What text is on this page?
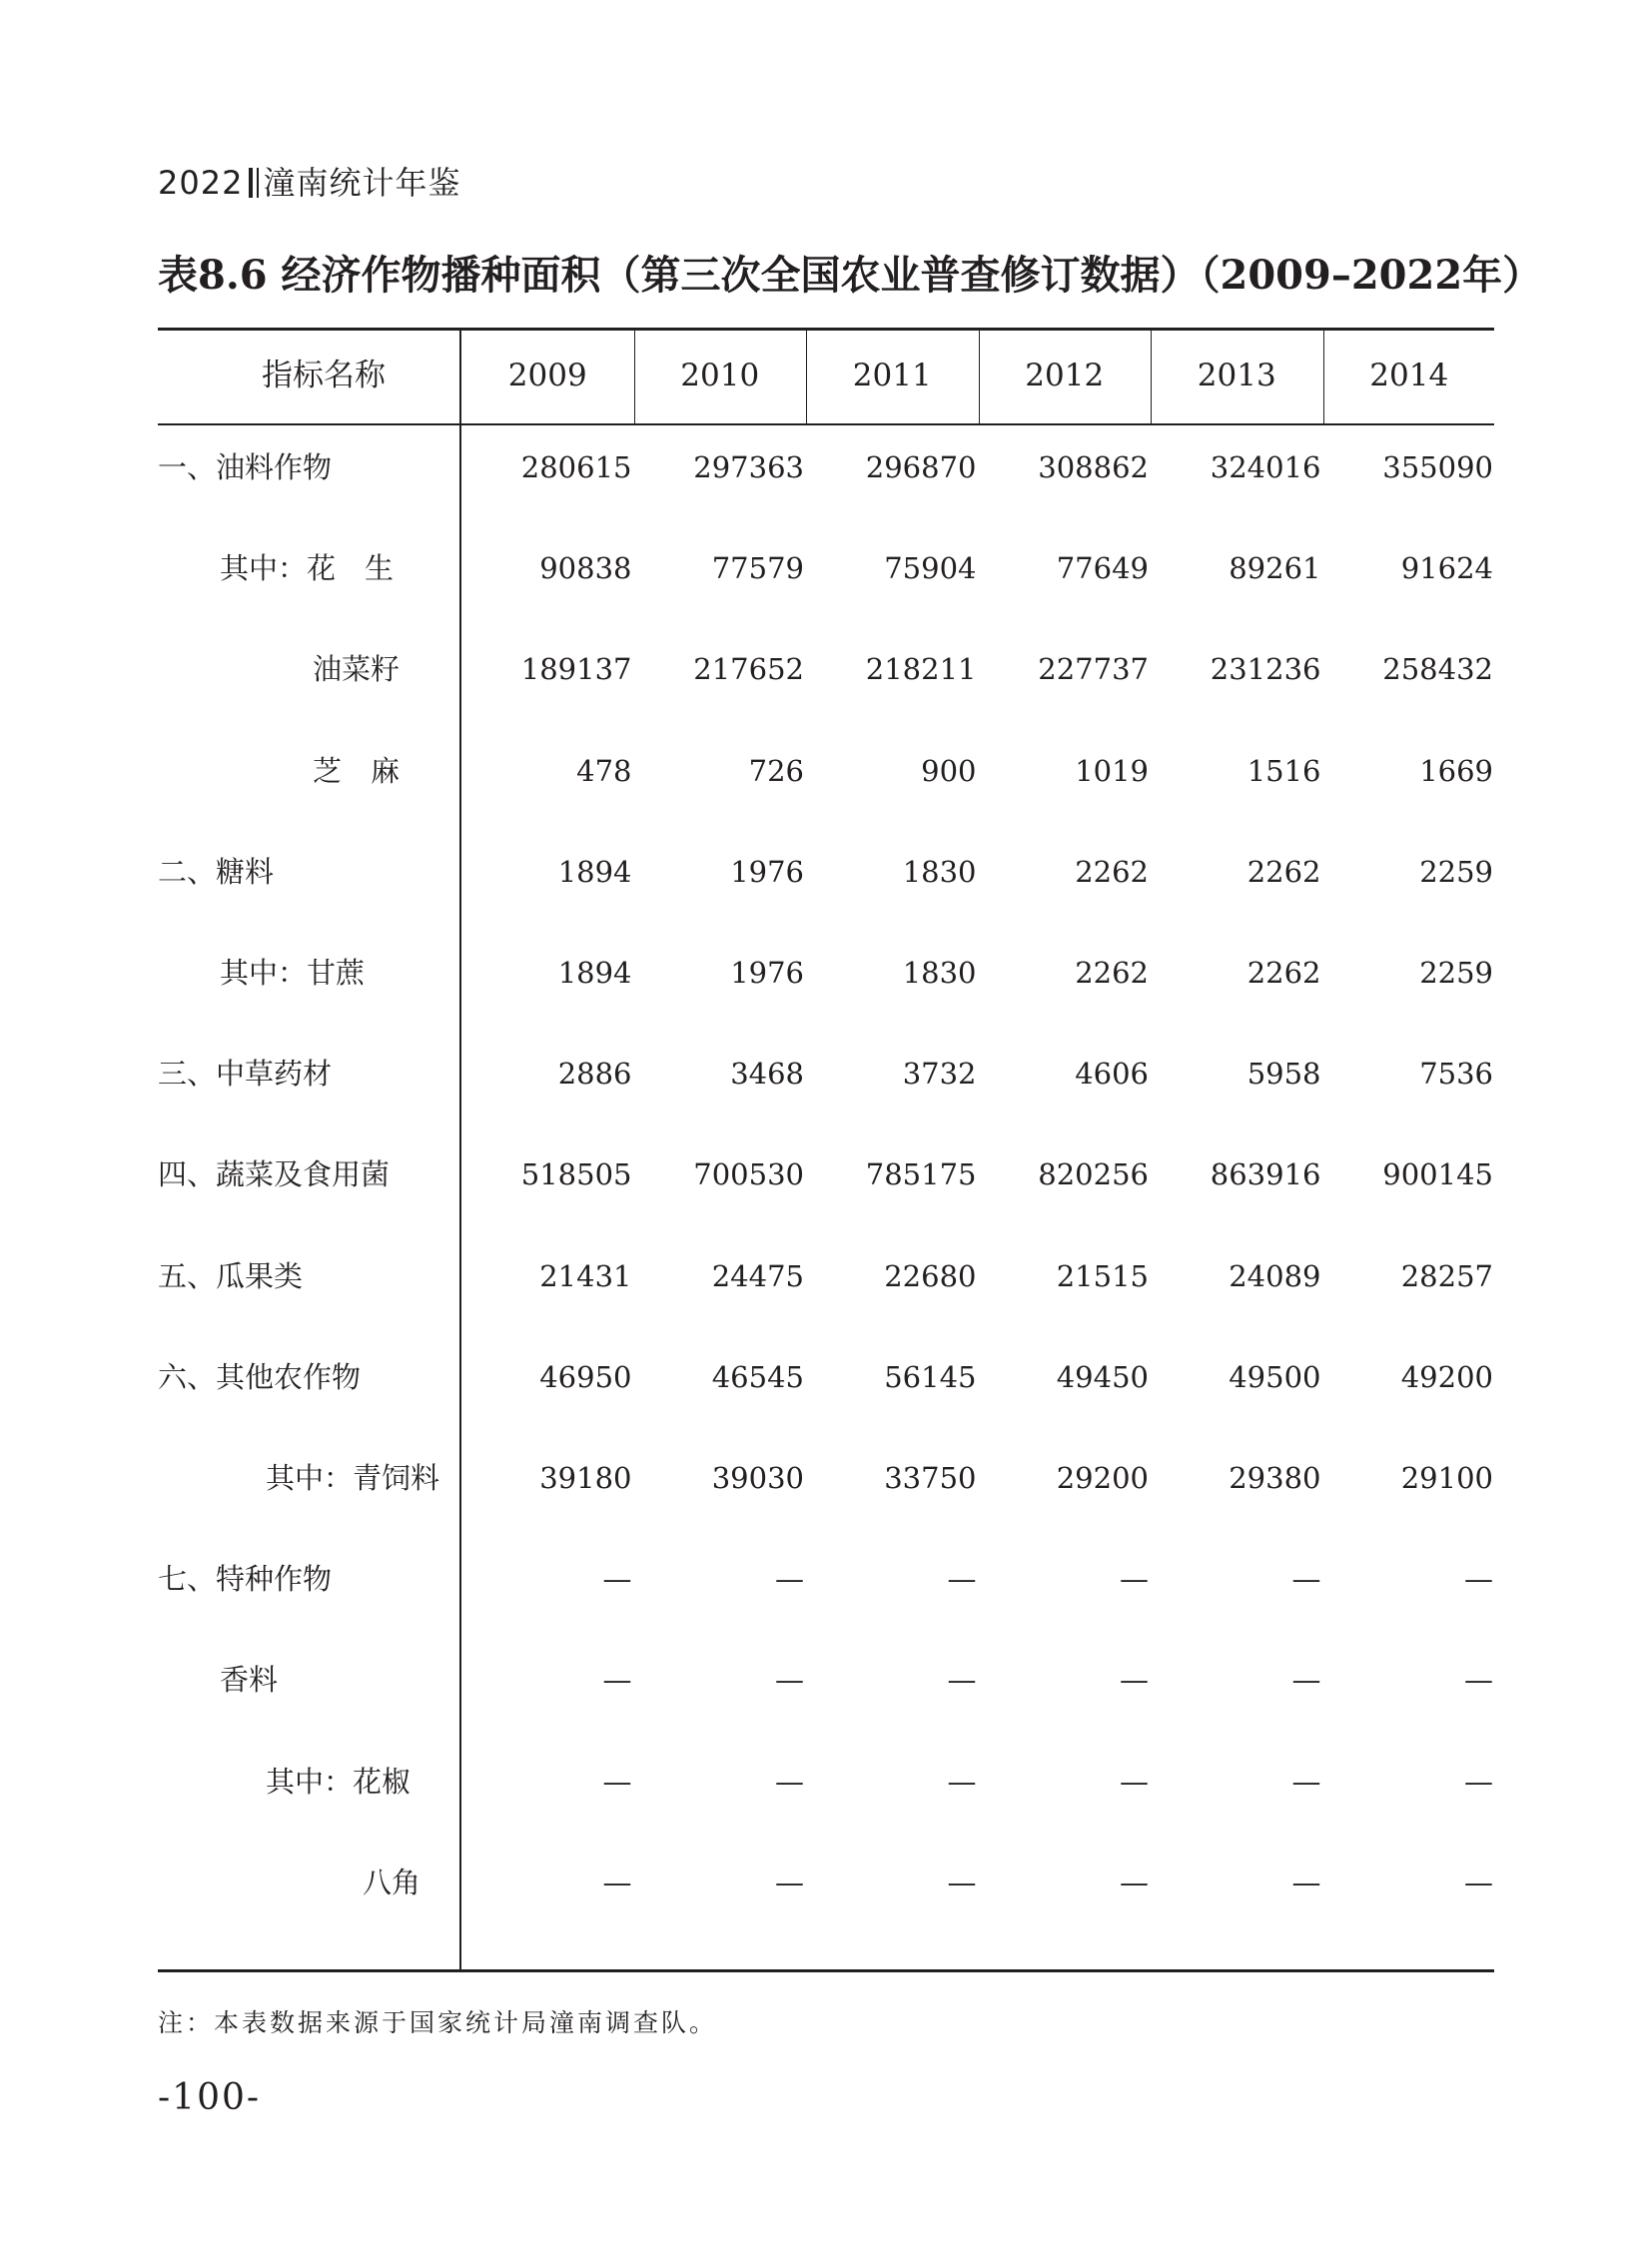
2022 潼南统计年鉴
表8.6 经济作物播种面积（第三次全国农业普查修订数据）（2009–2022年）
指标名称	2009	2010	2011	2012	2013	2014
一、油料作物	280615	297363	296870	308862	324016	355090
其中：花　生	90838	77579	75904	77649	89261	91624
油菜籽	189137	217652	218211	227737	231236	258432
芝　麻	478	726	900	1019	1516	1669
二、糖料	1894	1976	1830	2262	2262	2259
其中：甘蔗	1894	1976	1830	2262	2262	2259
三、中草药材	2886	3468	3732	4606	5958	7536
四、蔬菜及食用菌	518505	700530	785175	820256	863916	900145
五、瓜果类	21431	24475	22680	21515	24089	28257
六、其他农作物	46950	46545	56145	49450	49500	49200
其中：青饲料	39180	39030	33750	29200	29380	29100
七、特种作物	—	—	—	—	—	—
香料	—	—	—	—	—	—
其中：花椒	—	—	—	—	—	—
八角	—	—	—	—	—	—
注：本表数据来源于国家统计局潼南调查队。
-100-
